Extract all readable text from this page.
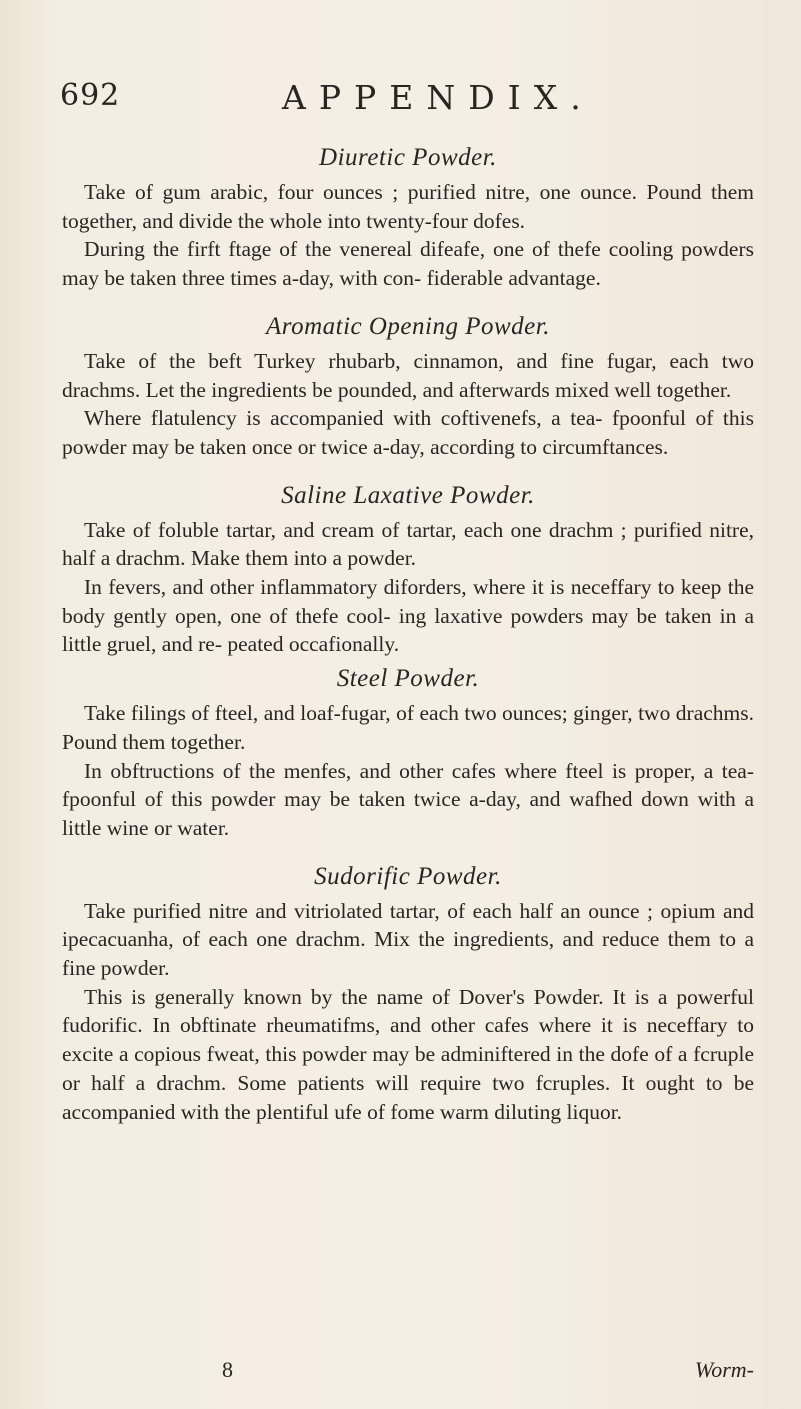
692	APPENDIX.
Diuretic Powder.

Take of gum arabic, four ounces ; purified nitre, one ounce. Pound them together, and divide the whole into twenty-four dofes.

During the firft ftage of the venereal difeafe, one of thefe cooling powders may be taken three times a-day, with con- fiderable advantage.

Aromatic Opening Powder.

Take of the beft Turkey rhubarb, cinnamon, and fine fugar, each two drachms. Let the ingredients be pounded, and afterwards mixed well together.

Where flatulency is accompanied with coftivenefs, a tea- fpoonful of this powder may be taken once or twice a-day, according to circumftances.

Saline Laxative Powder.

Take of foluble tartar, and cream of tartar, each one drachm ; purified nitre, half a drachm. Make them into a powder.

In fevers, and other inflammatory diforders, where it is neceffary to keep the body gently open, one of thefe cool- ing laxative powders may be taken in a little gruel, and re- peated occafionally.

Steel Powder.

Take filings of fteel, and loaf-fugar, of each two ounces; ginger, two drachms. Pound them together.

In obftructions of the menfes, and other cafes where fteel is proper, a tea-fpoonful of this powder may be taken twice a-day, and wafhed down with a little wine or water.

Sudorific Powder.

Take purified nitre and vitriolated tartar, of each half an ounce ; opium and ipecacuanha, of each one drachm. Mix the ingredients, and reduce them to a fine powder.

This is generally known by the name of Dover's Powder. It is a powerful fudorific. In obftinate rheumatifms, and other cafes where it is neceffary to excite a copious fweat, this powder may be adminiftered in the dofe of a fcruple or half a drachm. Some patients will require two fcruples. It ought to be accompanied with the plentiful ufe of fome warm diluting liquor.

8	Worm-
